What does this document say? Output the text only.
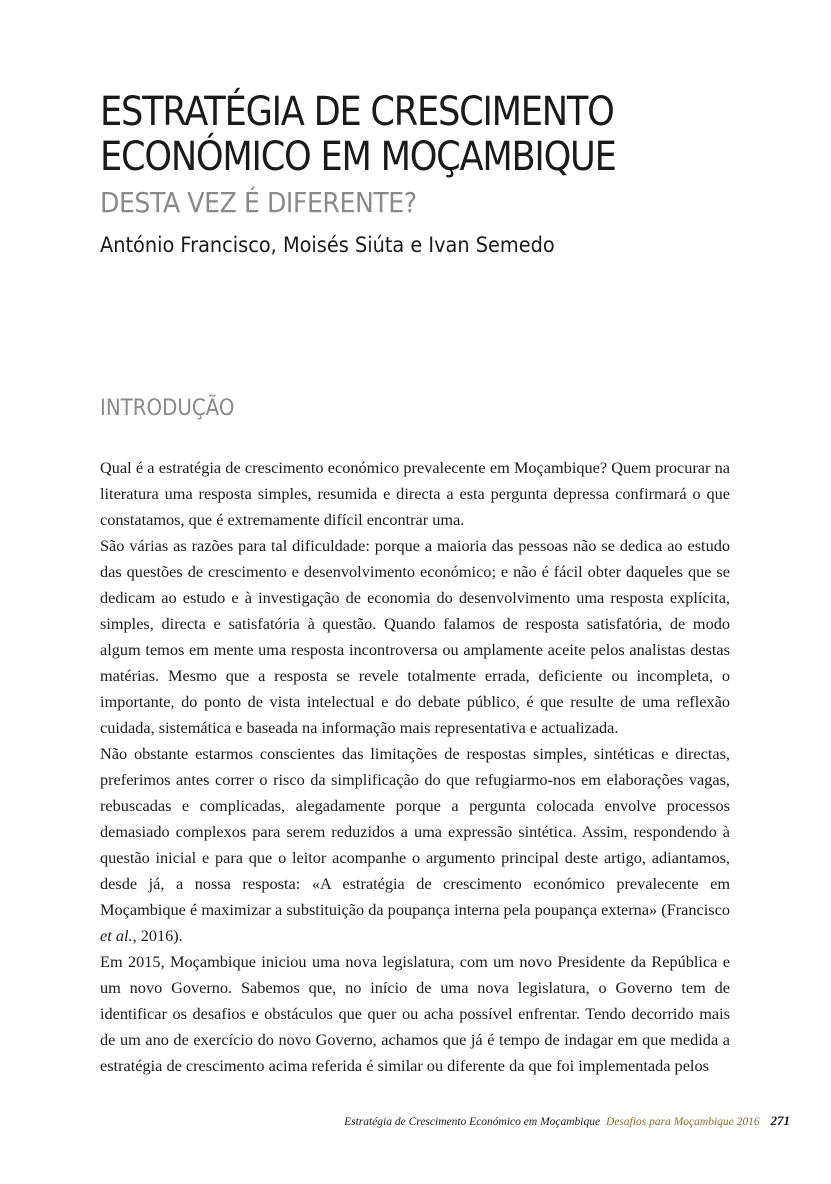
ESTRATÉGIA DE CRESCIMENTO
ECONÓMICO EM MOÇAMBIQUE
DESTA VEZ É DIFERENTE?
António Francisco, Moisés Siúta e Ivan Semedo
INTRODUÇÃO

Qual é a estratégia de crescimento económico prevalecente em Moçambique? Quem procurar na literatura uma resposta simples, resumida e directa a esta pergunta depressa confirmará o que constatamos, que é extremamente difícil encontrar uma.

São várias as razões para tal dificuldade: porque a maioria das pessoas não se dedica ao estudo das questões de crescimento e desenvolvimento económico; e não é fácil obter daqueles que se dedicam ao estudo e à investigação de economia do desenvolvimento uma resposta explícita, simples, directa e satisfatória à questão. Quando falamos de resposta satisfatória, de modo algum temos em mente uma resposta incontroversa ou amplamente aceite pelos analistas destas matérias. Mesmo que a resposta se revele totalmente errada, deficiente ou incompleta, o importante, do ponto de vista intelectual e do debate público, é que resulte de uma reflexão cuidada, sistemática e baseada na informação mais representativa e actualizada.

Não obstante estarmos conscientes das limitações de respostas simples, sintéticas e directas, preferimos antes correr o risco da simplificação do que refugiarmo-nos em elaborações vagas, rebuscadas e complicadas, alegadamente porque a pergunta colocada envolve processos demasiado complexos para serem reduzidos a uma expressão sintética. Assim, respondendo à questão inicial e para que o leitor acompanhe o argumento principal deste artigo, adiantamos, desde já, a nossa resposta: «A estratégia de crescimento económico prevalecente em Moçambique é maximizar a substituição da poupança interna pela poupança externa» (Francisco et al., 2016).

Em 2015, Moçambique iniciou uma nova legislatura, com um novo Presidente da República e um novo Governo. Sabemos que, no início de uma nova legislatura, o Governo tem de identificar os desafios e obstáculos que quer ou acha possível enfrentar. Tendo decorrido mais de um ano de exercício do novo Governo, achamos que já é tempo de indagar em que medida a estratégia de crescimento acima referida é similar ou diferente da que foi implementada pelos

Estratégia de Crescimento Económico em Moçambique Desafios para Moçambique 2016 271
